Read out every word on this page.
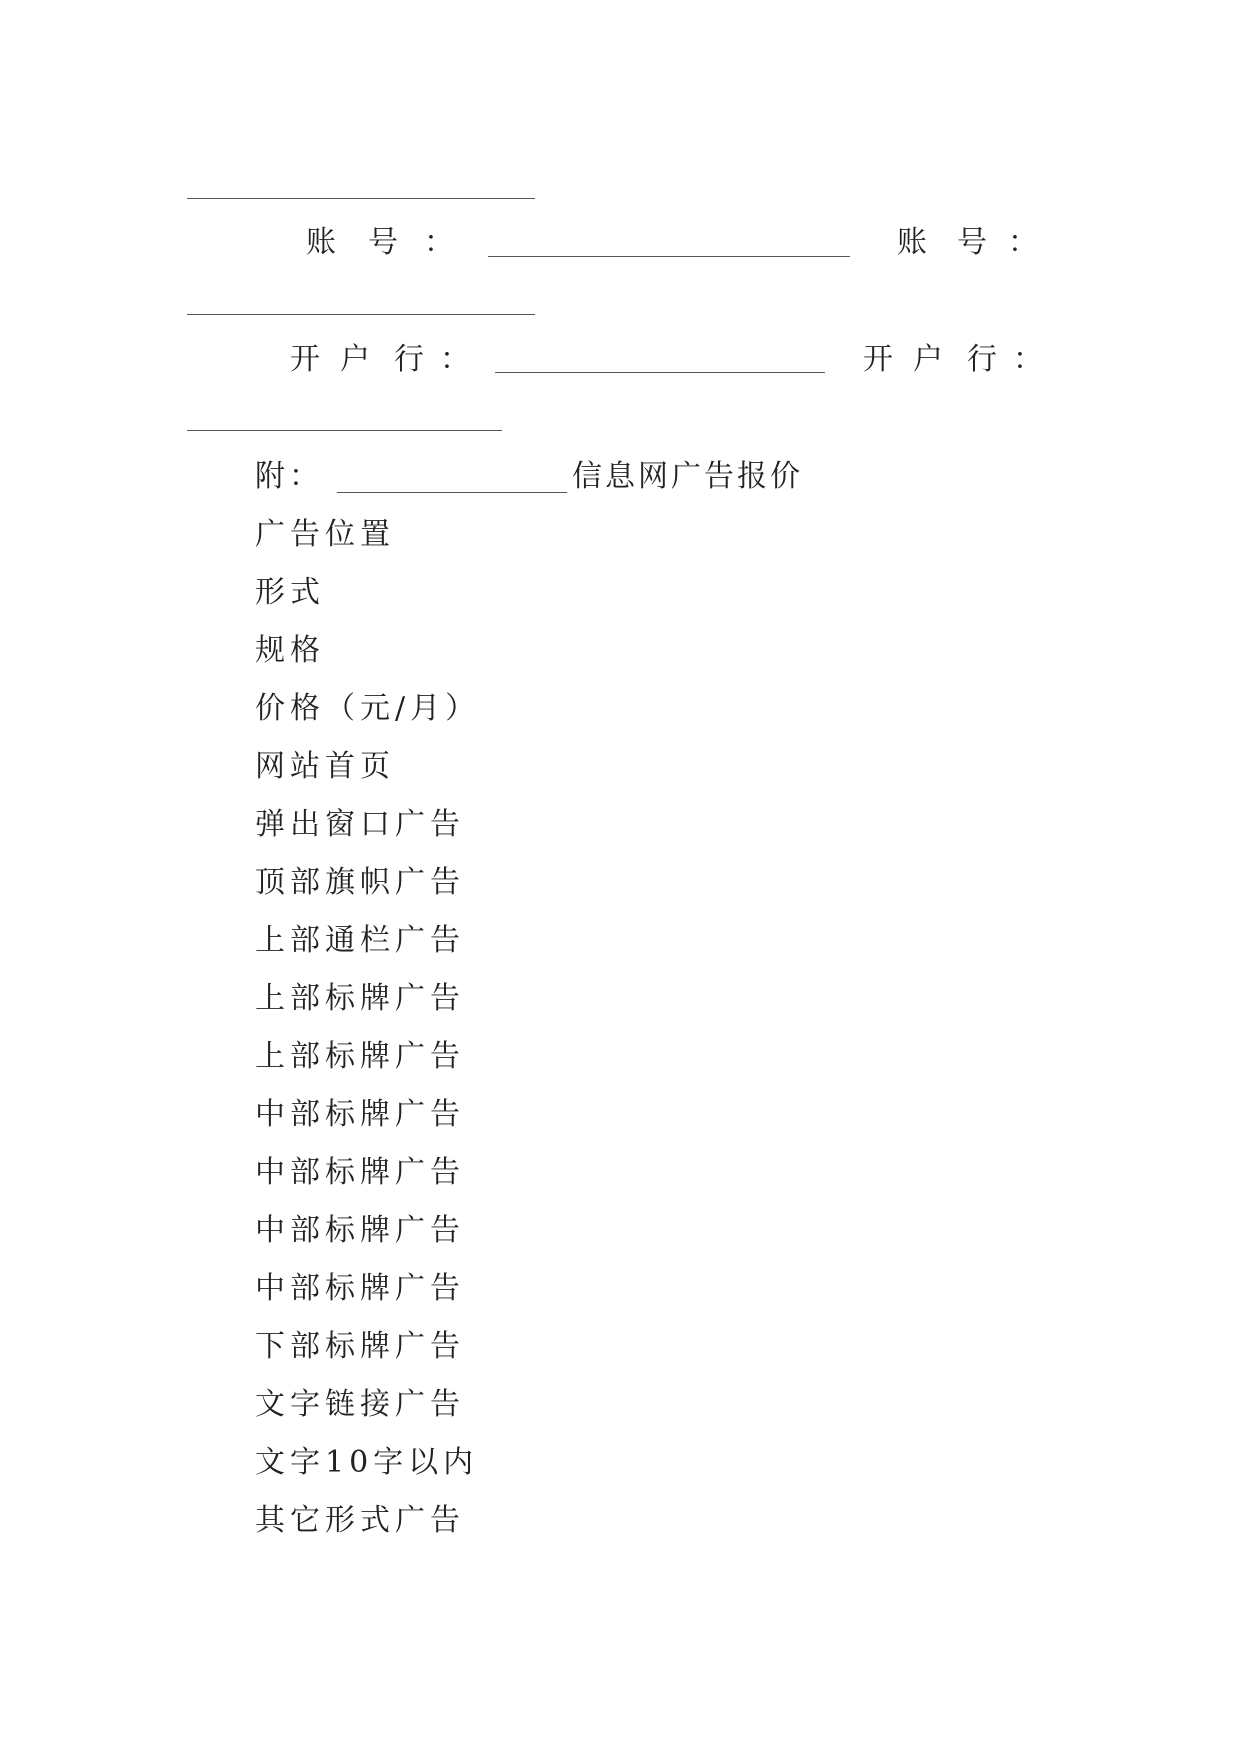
账 号 ：	账 号 ：
开 户 行 ：	开 户 行 ：
附：	信息网广告报价
广告位置
形式
规格
价格（元/月）
网站首页
弹出窗口广告
顶部旗帜广告
上部通栏广告
上部标牌广告
上部标牌广告
中部标牌广告
中部标牌广告
中部标牌广告
中部标牌广告
下部标牌广告
文字链接广告
文字10字以内
其它形式广告
